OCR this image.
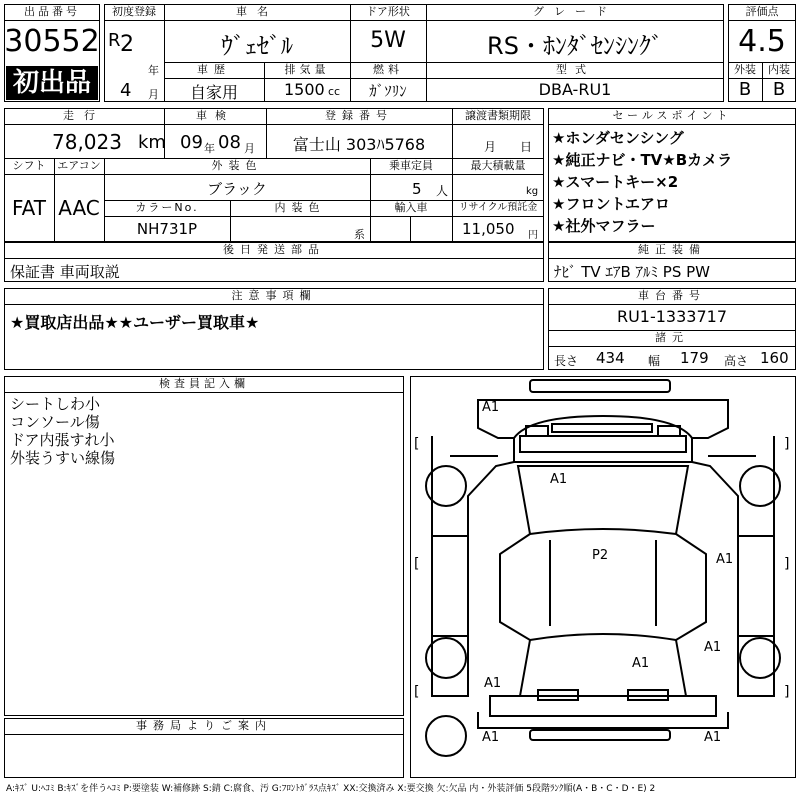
出品番号
30552
初出品
初度登録
R 2
年
4 月
車名
ｳﾞｪｾﾞﾙ
ドア形状
5W
グレード
RS・ﾎﾝﾀﾞｾﾝｼﾝｸﾞ
車歴
自家用
排気量
1500 cc
燃料
ｶﾞｿﾘﾝ
型式
DBA-RU1
評価点
4.5
外装	内装
B	B
走行
78,023 km
車検
09 年 08 月
登録番号
富士山 303ﾊ5768
譲渡書類期限
月 日
シフト
FAT
エアコン
AAC
外装色
ブラック
乗車定員
5 人
最大積載量
kg
カラーNo.
NH731P
内装色
系
輸入車	リサイクル預託金
11,050 円
セールスポイント
★ホンダセンシング
★純正ナビ・TV★Bカメラ
★スマートキー×2
★フロントエアロ
★社外マフラー
後日発送部品
保証書 車両取説
純正装備
ﾅﾋﾞ TV ｴｱB ｱﾙﾐ PS PW
注意事項欄
★買取店出品★★ユーザー買取車★
車台番号
RU1-1333717
諸元
長さ 434 幅 179 高さ 160
検査員記入欄
シートしわ小
コンソール傷
ドア内張すれ小
外装うすい線傷
事務局よりご案内
[	]
[	]
[	]
A1
A1
P2	A1
A1
A1
A1
A1	A1
A:ｷｽﾞ U:ﾍｺﾐ B:ｷｽﾞを伴うﾍｺﾐ P:要塗装 W:補修跡 S:錆 C:腐食、汚 G:ﾌﾛﾝﾄｶﾞﾗｽ点ｷｽﾞ XX:交換済み X:要交換 欠:欠品 内・外装評価 5段階ﾗﾝｸ順(A・B・C・D・E) 2
